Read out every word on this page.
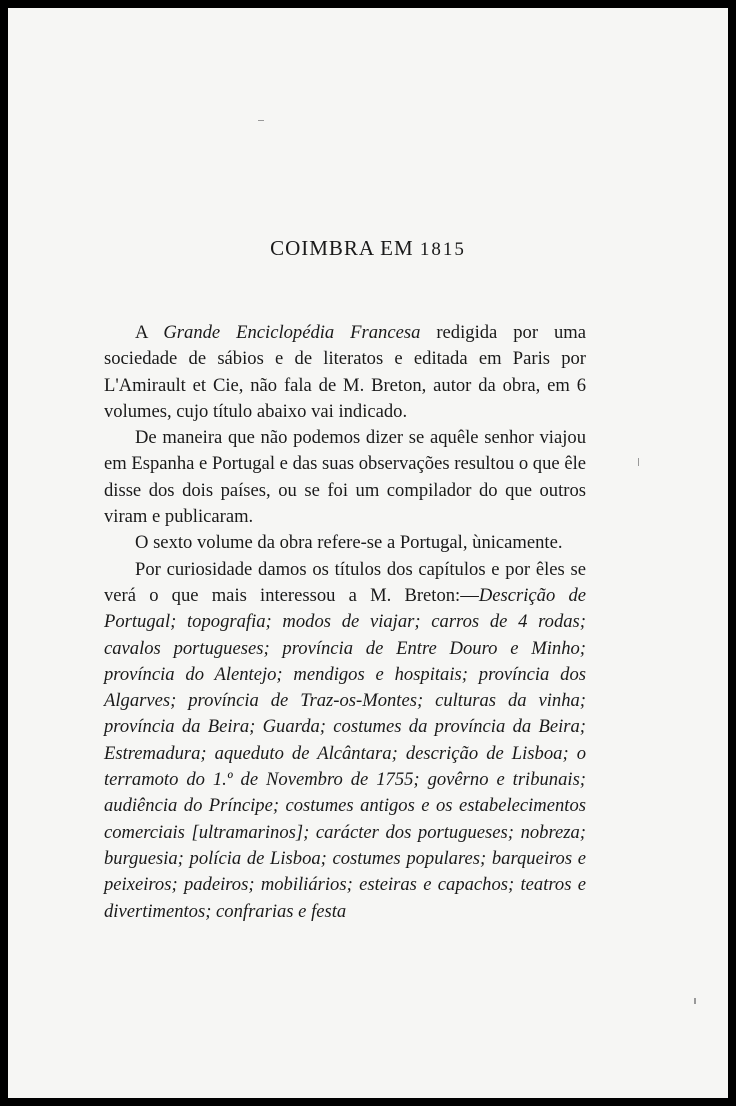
COIMBRA EM 1815

A Grande Enciclopédia Francesa redigida por uma sociedade de sábios e de literatos e editada em Paris por L'Amirault et Cie, não fala de M. Breton, autor da obra, em 6 volumes, cujo título abaixo vai indicado.

De maneira que não podemos dizer se aquêle senhor viajou em Espanha e Portugal e das suas observações resultou o que êle disse dos dois países, ou se foi um compilador do que outros viram e publicaram.

O sexto volume da obra refere-se a Portugal, ùnicamente.

Por curiosidade damos os títulos dos capítulos e por êles se verá o que mais interessou a M. Breton:—Descrição de Portugal; topografia; modos de viajar; carros de 4 rodas; cavalos portugueses; província de Entre Douro e Minho; província do Alentejo; mendigos e hospitais; província dos Algarves; província de Traz-os-Montes; culturas da vinha; província da Beira; Guarda; costumes da província da Beira; Estremadura; aqueduto de Alcântara; descrição de Lisboa; o terramoto do 1.º de Novembro de 1755; govêrno e tribunais; audiência do Príncipe; costumes antigos e os estabelecimentos comerciais [ultramarinos]; carácter dos portugueses; nobreza; burguesia; polícia de Lisboa; costumes populares; barqueiros e peixeiros; padeiros; mobiliários; esteiras e capachos; teatros e divertimentos; confrarias e festa
